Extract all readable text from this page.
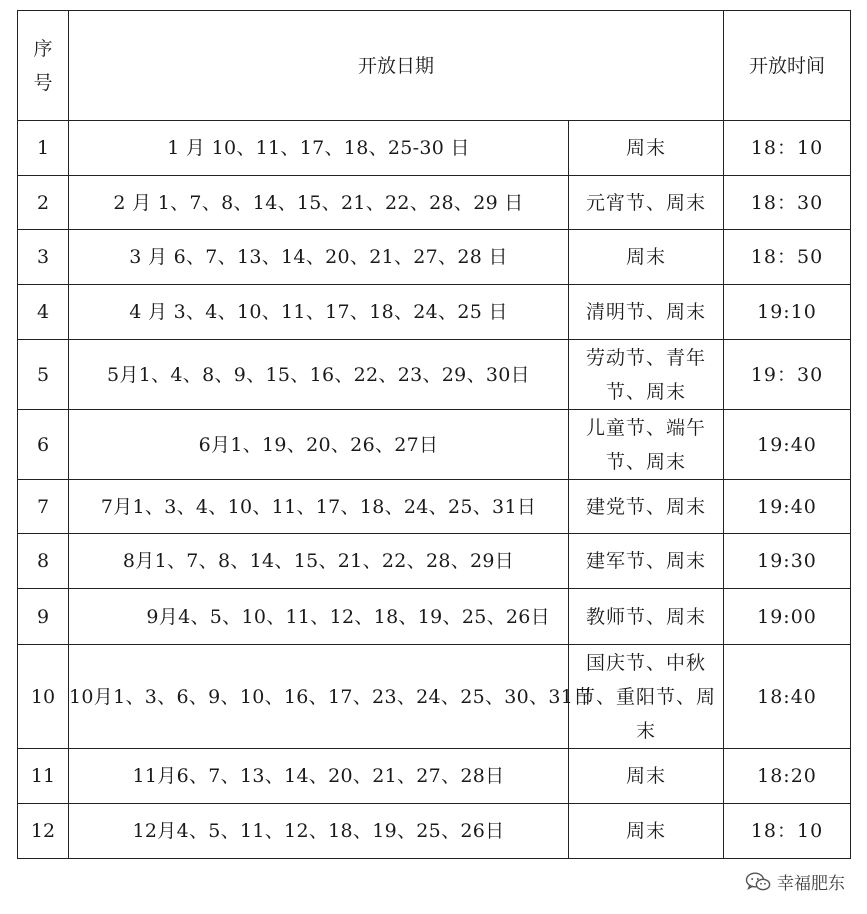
序号	开放日期		开放时间
1	1 月 10、11、17、18、25-30 日	周末	18：10
2	2 月 1、7、8、14、15、21、22、28、29 日	元宵节、周末	18：30
3	3 月 6、7、13、14、20、21、27、28 日	周末	18：50
4	4 月 3、4、10、11、17、18、24、25 日	清明节、周末	19:10
5	5月1、4、8、9、15、16、22、23、29、30日	劳动节、青年节、周末	19：30
6	6月1、19、20、26、27日	儿童节、端午节、周末	19:40
7	7月1、3、4、10、11、17、18、24、25、31日	建党节、周末	19:40
8	8月1、7、8、14、15、21、22、28、29日	建军节、周末	19:30
9	9月4、5、10、11、12、18、19、25、26日	教师节、周末	19:00
10	10月1、3、6、9、10、16、17、23、24、25、30、31日	国庆节、中秋节、重阳节、周末	18:40
11	11月6、7、13、14、20、21、27、28日	周末	18:20
12	12月4、5、11、12、18、19、25、26日	周末	18：10
幸福肥东
